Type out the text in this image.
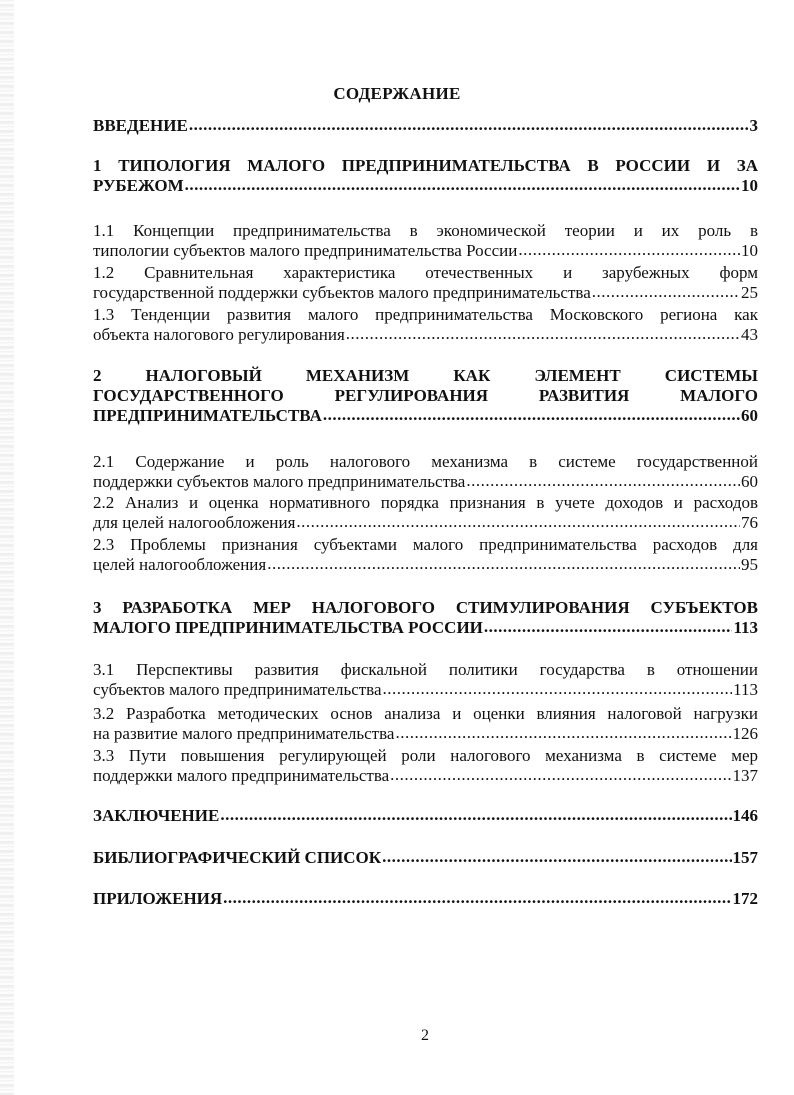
СОДЕРЖАНИЕ
ВВЕДЕНИЕ .....	3
1 ТИПОЛОГИЯ МАЛОГО ПРЕДПРИНИМАТЕЛЬСТВА В РОССИИ И ЗА
РУБЕЖОМ .....	10
1.1 Концепции предпринимательства в экономической теории и их роль в
типологии субъектов малого предпринимательства России .....	10
1.2 Сравнительная характеристика отечественных и зарубежных форм
государственной поддержки субъектов малого предпринимательства .....	25
1.3 Тенденции развития малого предпринимательства Московского региона как
объекта налогового регулирования .....	43
2 НАЛОГОВЫЙ МЕХАНИЗМ КАК ЭЛЕМЕНТ СИСТЕМЫ
ГОСУДАРСТВЕННОГО РЕГУЛИРОВАНИЯ РАЗВИТИЯ МАЛОГО
ПРЕДПРИНИМАТЕЛЬСТВА .....	60
2.1 Содержание и роль налогового механизма в системе государственной
поддержки субъектов малого предпринимательства .....	60
2.2 Анализ и оценка нормативного порядка признания в учете доходов и расходов
для целей налогообложения .....	76
2.3 Проблемы признания субъектами малого предпринимательства расходов для
целей налогообложения .....	95
3 РАЗРАБОТКА МЕР НАЛОГОВОГО СТИМУЛИРОВАНИЯ СУБЪЕКТОВ
МАЛОГО ПРЕДПРИНИМАТЕЛЬСТВА РОССИИ .....	113
3.1 Перспективы развития фискальной политики государства в отношении
субъектов малого предпринимательства .....	113
3.2 Разработка методических основ анализа и оценки влияния налоговой нагрузки
на развитие малого предпринимательства .....	126
3.3 Пути повышения регулирующей роли налогового механизма в системе мер
поддержки малого предпринимательства .....	137
ЗАКЛЮЧЕНИЕ .....	146
БИБЛИОГРАФИЧЕСКИЙ СПИСОК .....	157
ПРИЛОЖЕНИЯ .....	172
2
